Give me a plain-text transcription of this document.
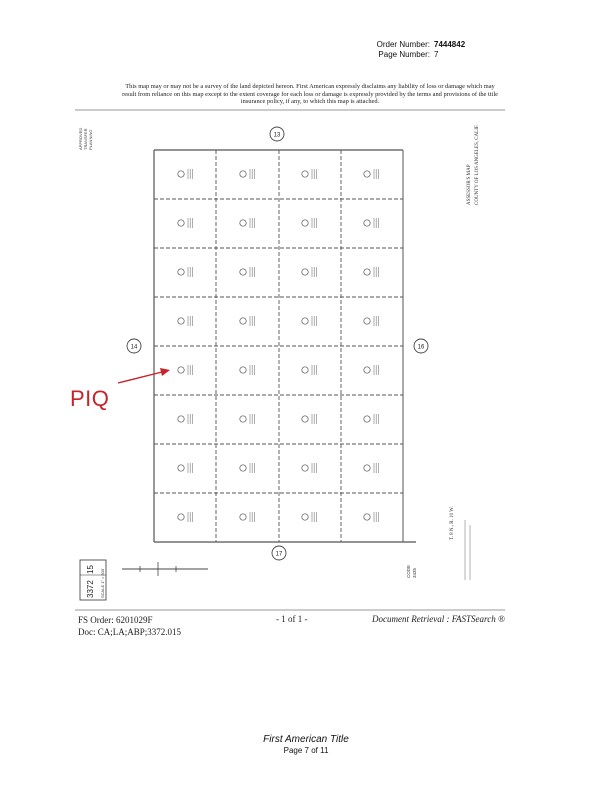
Order Number: 7444842
Page Number: 7
This map may or may not be a survey of the land depicted hereon. First American expressly disclaims any liability of loss or damage which may result from reliance on this map except to the extent coverage for each loss or damage is expressly provided by the terms and provisions of the title insurance policy, if any, to which this map is attached.
APPROVED TRANSFER PLANNING	13
17
14	16
ASSESSOR'S MAP COUNTY OF LOS ANGELES, CALIF.
T. 8 N., R. 10 W.
CODE 3435
3372
15 SCALE 1" = 300'
PIQ
FS Order: 6201029F
Doc: CA;LA;ABP;3372.015
- 1 of 1 -	Document Retrieval : FASTSearch ®
First American Title
Page 7 of 11
